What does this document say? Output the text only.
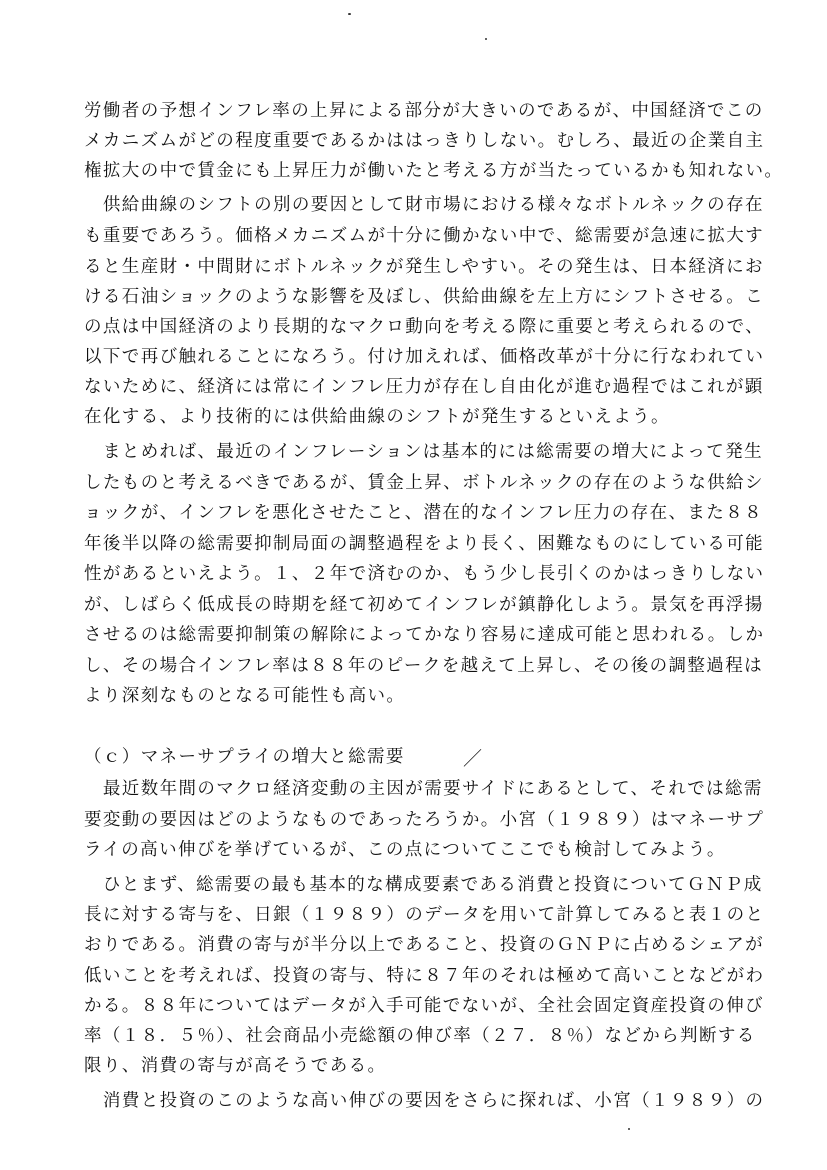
労働者の予想インフレ率の上昇による部分が大きいのであるが、中国経済でこの
メカニズムがどの程度重要であるかははっきりしない。むしろ、最近の企業自主
権拡大の中で賃金にも上昇圧力が働いたと考える方が当たっているかも知れない。
　供給曲線のシフトの別の要因として財市場における様々なボトルネックの存在
も重要であろう。価格メカニズムが十分に働かない中で、総需要が急速に拡大す
ると生産財・中間財にボトルネックが発生しやすい。その発生は、日本経済にお
ける石油ショックのような影響を及ぼし、供給曲線を左上方にシフトさせる。こ
の点は中国経済のより長期的なマクロ動向を考える際に重要と考えられるので、
以下で再び触れることになろう。付け加えれば、価格改革が十分に行なわれてい
ないために、経済には常にインフレ圧力が存在し自由化が進む過程ではこれが顕
在化する、より技術的には供給曲線のシフトが発生するといえよう。
　まとめれば、最近のインフレーションは基本的には総需要の増大によって発生
したものと考えるべきであるが、賃金上昇、ボトルネックの存在のような供給シ
ョックが、インフレを悪化させたこと、潜在的なインフレ圧力の存在、また８８
年後半以降の総需要抑制局面の調整過程をより長く、困難なものにしている可能
性があるといえよう。１、２年で済むのか、もう少し長引くのかはっきりしない
が、しばらく低成長の時期を経て初めてインフレが鎮静化しよう。景気を再浮揚
させるのは総需要抑制策の解除によってかなり容易に達成可能と思われる。しか
し、その場合インフレ率は８８年のピークを越えて上昇し、その後の調整過程は
より深刻なものとなる可能性も高い。
（ｃ）マネーサプライの増大と総需要
　最近数年間のマクロ経済変動の主因が需要サイドにあるとして、それでは総需
要変動の要因はどのようなものであったろうか。小宮（１９８９）はマネーサプ
ライの高い伸びを挙げているが、この点についてここでも検討してみよう。
　ひとまず、総需要の最も基本的な構成要素である消費と投資についてＧＮＰ成
長に対する寄与を、日銀（１９８９）のデータを用いて計算してみると表１のと
おりである。消費の寄与が半分以上であること、投資のＧＮＰに占めるシェアが
低いことを考えれば、投資の寄与、特に８７年のそれは極めて高いことなどがわ
かる。８８年についてはデータが入手可能でないが、全社会固定資産投資の伸び
率（１８．５％）、社会商品小売総額の伸び率（２７．８％）などから判断する
限り、消費の寄与が高そうである。
　消費と投資のこのような高い伸びの要因をさらに探れば、小宮（１９８９）の
／
